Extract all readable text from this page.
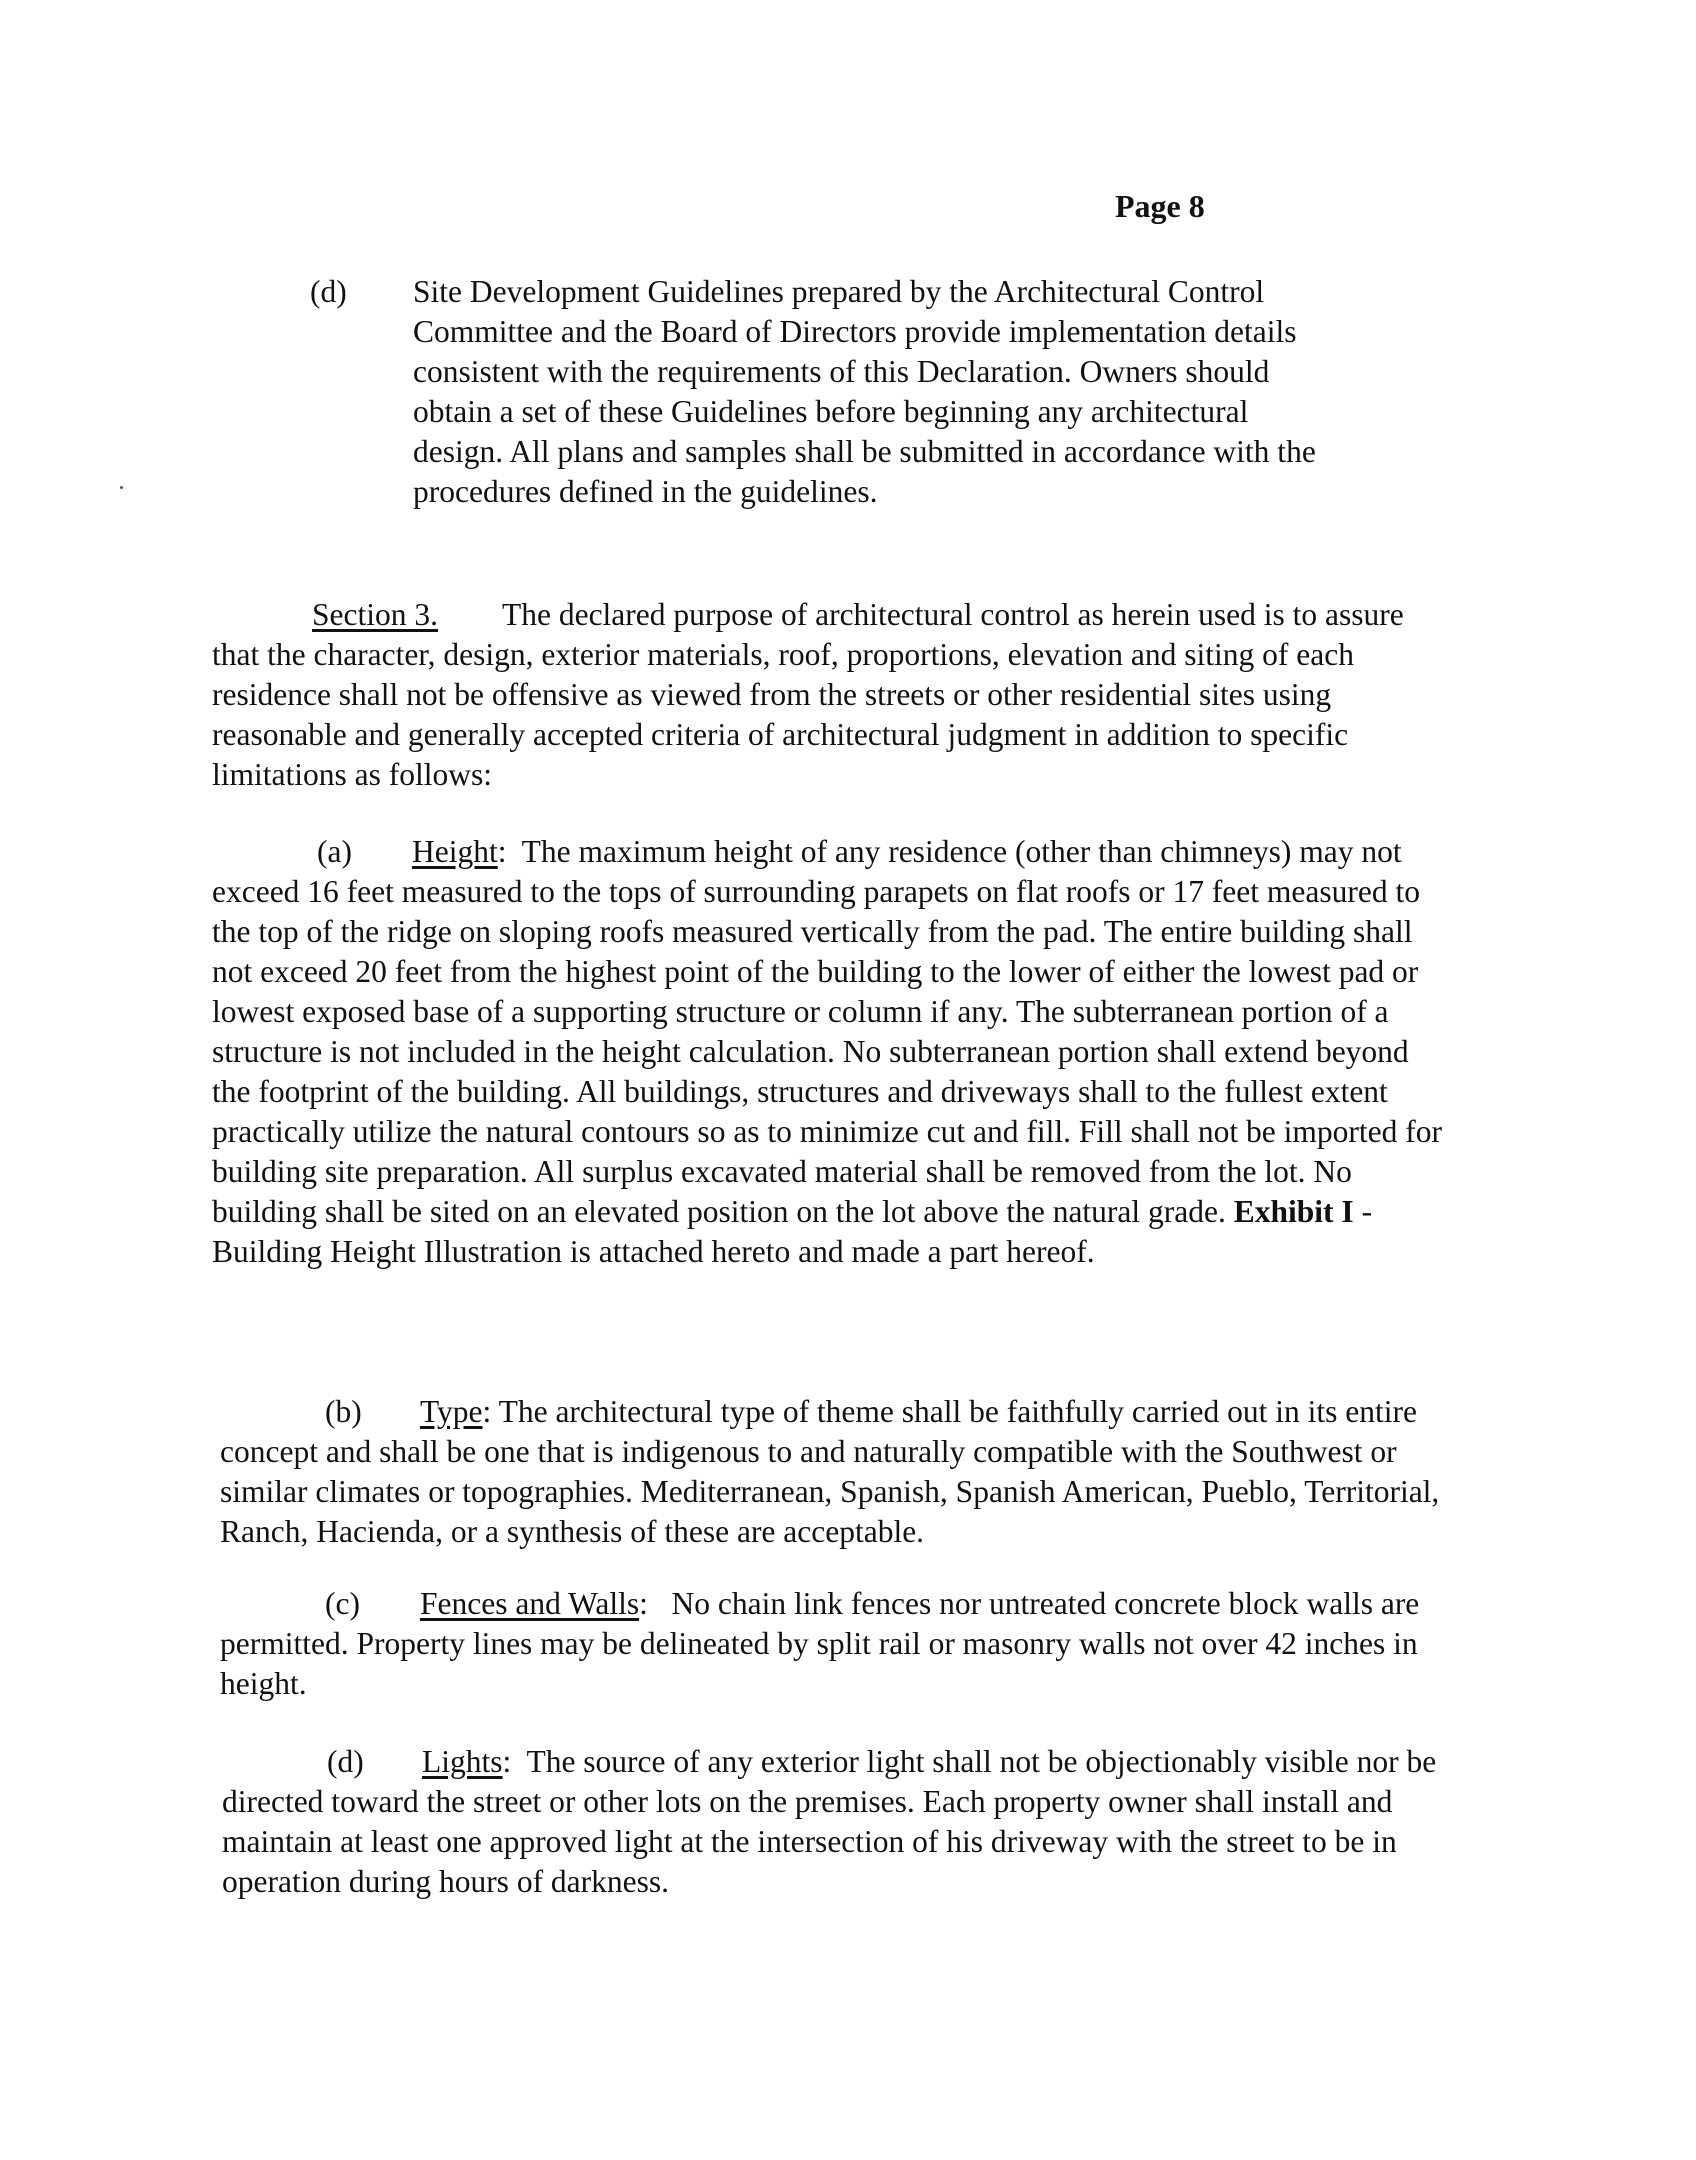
Page 8
(d) Site Development Guidelines prepared by the Architectural Control Committee and the Board of Directors provide implementation details consistent with the requirements of this Declaration. Owners should obtain a set of these Guidelines before beginning any architectural design. All plans and samples shall be submitted in accordance with the procedures defined in the guidelines.
Section 3. The declared purpose of architectural control as herein used is to assure that the character, design, exterior materials, roof, proportions, elevation and siting of each residence shall not be offensive as viewed from the streets or other residential sites using reasonable and generally accepted criteria of architectural judgment in addition to specific limitations as follows:
(a) Height:  The maximum height of any residence (other than chimneys) may not exceed 16 feet measured to the tops of surrounding parapets on flat roofs or 17 feet measured to the top of the ridge on sloping roofs measured vertically from the pad. The entire building shall not exceed 20 feet from the highest point of the building to the lower of either the lowest pad or lowest exposed base of a supporting structure or column if any. The subterranean portion of a structure is not included in the height calculation. No subterranean portion shall extend beyond the footprint of the building. All buildings, structures and driveways shall to the fullest extent practically utilize the natural contours so as to minimize cut and fill. Fill shall not be imported for building site preparation. All surplus excavated material shall be removed from the lot. No building shall be sited on an elevated position on the lot above the natural grade. Exhibit I - Building Height Illustration is attached hereto and made a part hereof.
(b) Type: The architectural type of theme shall be faithfully carried out in its entire concept and shall be one that is indigenous to and naturally compatible with the Southwest or similar climates or topographies. Mediterranean, Spanish, Spanish American, Pueblo, Territorial, Ranch, Hacienda, or a synthesis of these are acceptable.
(c) Fences and Walls:   No chain link fences nor untreated concrete block walls are permitted. Property lines may be delineated by split rail or masonry walls not over 42 inches in height.
(d) Lights:  The source of any exterior light shall not be objectionably visible nor be directed toward the street or other lots on the premises. Each property owner shall install and maintain at least one approved light at the intersection of his driveway with the street to be in operation during hours of darkness.
